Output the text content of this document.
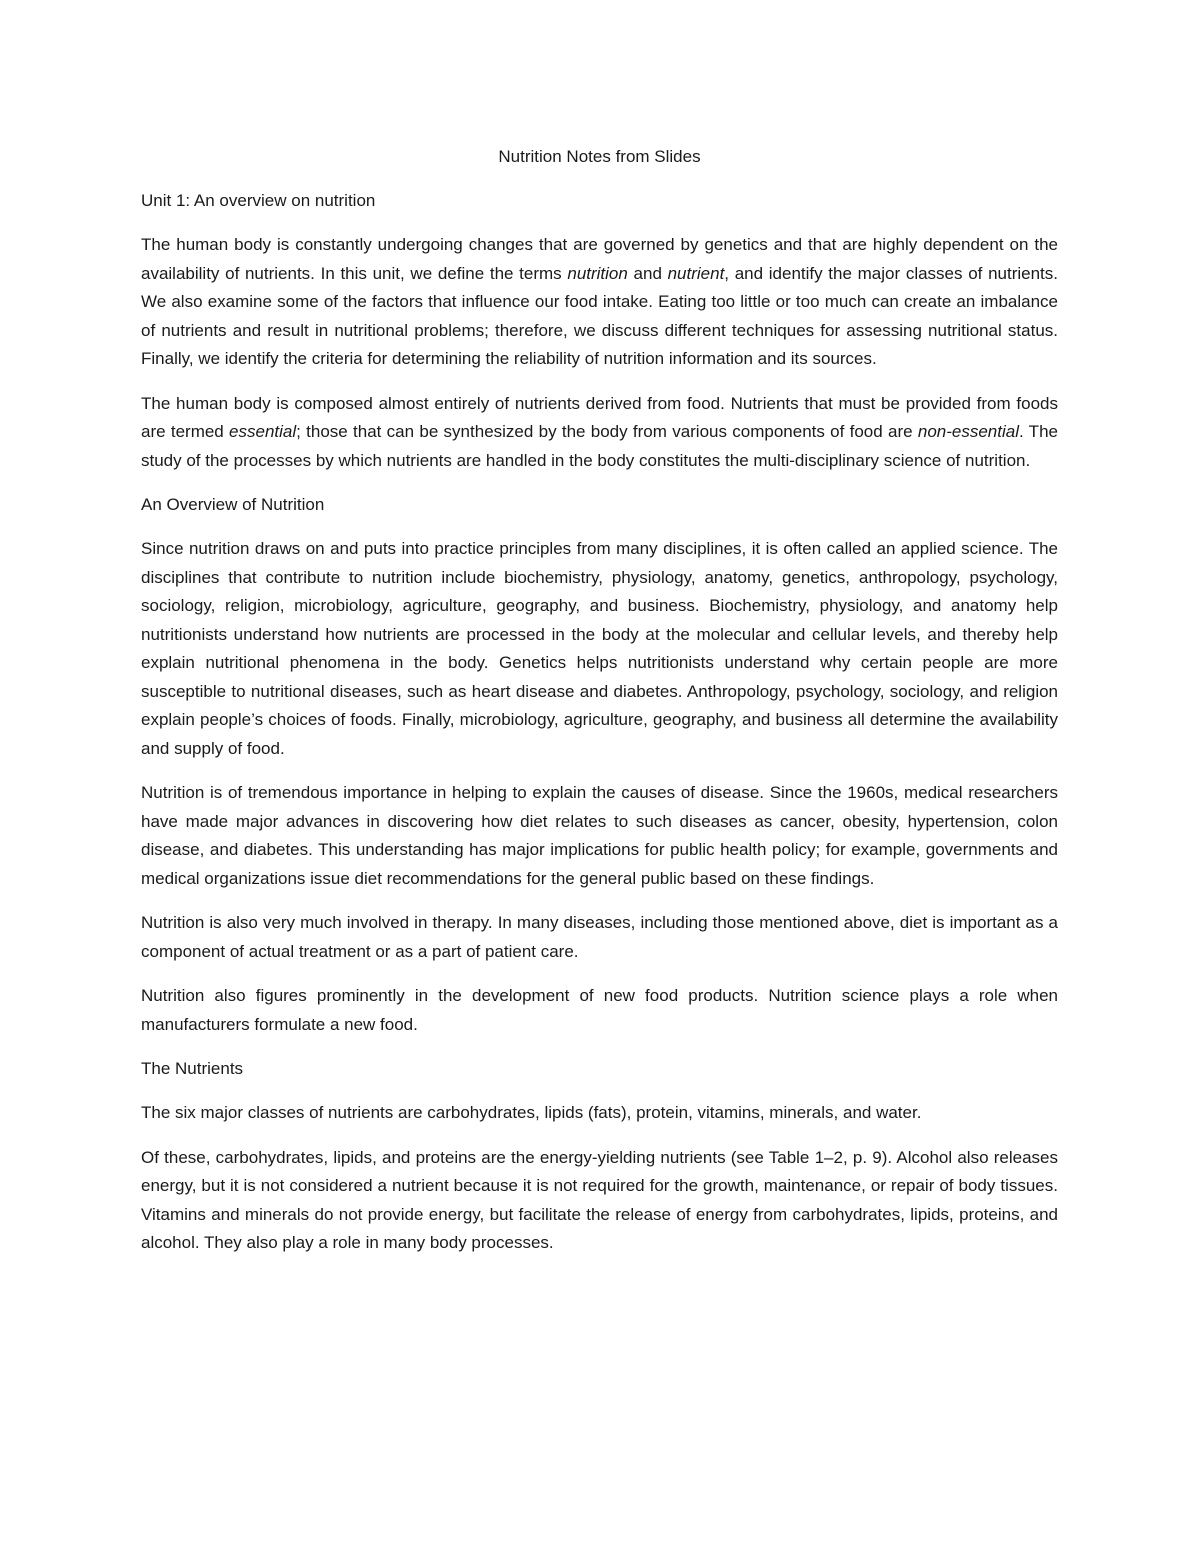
Nutrition Notes from Slides
Unit 1: An overview on nutrition

The human body is constantly undergoing changes that are governed by genetics and that are highly dependent on the availability of nutrients. In this unit, we define the terms nutrition and nutrient, and identify the major classes of nutrients. We also examine some of the factors that influence our food intake. Eating too little or too much can create an imbalance of nutrients and result in nutritional problems; therefore, we discuss different techniques for assessing nutritional status. Finally, we identify the criteria for determining the reliability of nutrition information and its sources.

The human body is composed almost entirely of nutrients derived from food. Nutrients that must be provided from foods are termed essential; those that can be synthesized by the body from various components of food are non-essential. The study of the processes by which nutrients are handled in the body constitutes the multi-disciplinary science of nutrition.

An Overview of Nutrition

Since nutrition draws on and puts into practice principles from many disciplines, it is often called an applied science. The disciplines that contribute to nutrition include biochemistry, physiology, anatomy, genetics, anthropology, psychology, sociology, religion, microbiology, agriculture, geography, and business. Biochemistry, physiology, and anatomy help nutritionists understand how nutrients are processed in the body at the molecular and cellular levels, and thereby help explain nutritional phenomena in the body. Genetics helps nutritionists understand why certain people are more susceptible to nutritional diseases, such as heart disease and diabetes. Anthropology, psychology, sociology, and religion explain people’s choices of foods. Finally, microbiology, agriculture, geography, and business all determine the availability and supply of food.

Nutrition is of tremendous importance in helping to explain the causes of disease. Since the 1960s, medical researchers have made major advances in discovering how diet relates to such diseases as cancer, obesity, hypertension, colon disease, and diabetes. This understanding has major implications for public health policy; for example, governments and medical organizations issue diet recommendations for the general public based on these findings.

Nutrition is also very much involved in therapy. In many diseases, including those mentioned above, diet is important as a component of actual treatment or as a part of patient care.

Nutrition also figures prominently in the development of new food products. Nutrition science plays a role when manufacturers formulate a new food.

The Nutrients

The six major classes of nutrients are carbohydrates, lipids (fats), protein, vitamins, minerals, and water.

Of these, carbohydrates, lipids, and proteins are the energy-yielding nutrients (see Table 1–2, p. 9). Alcohol also releases energy, but it is not considered a nutrient because it is not required for the growth, maintenance, or repair of body tissues. Vitamins and minerals do not provide energy, but facilitate the release of energy from carbohydrates, lipids, proteins, and alcohol. They also play a role in many body processes.
